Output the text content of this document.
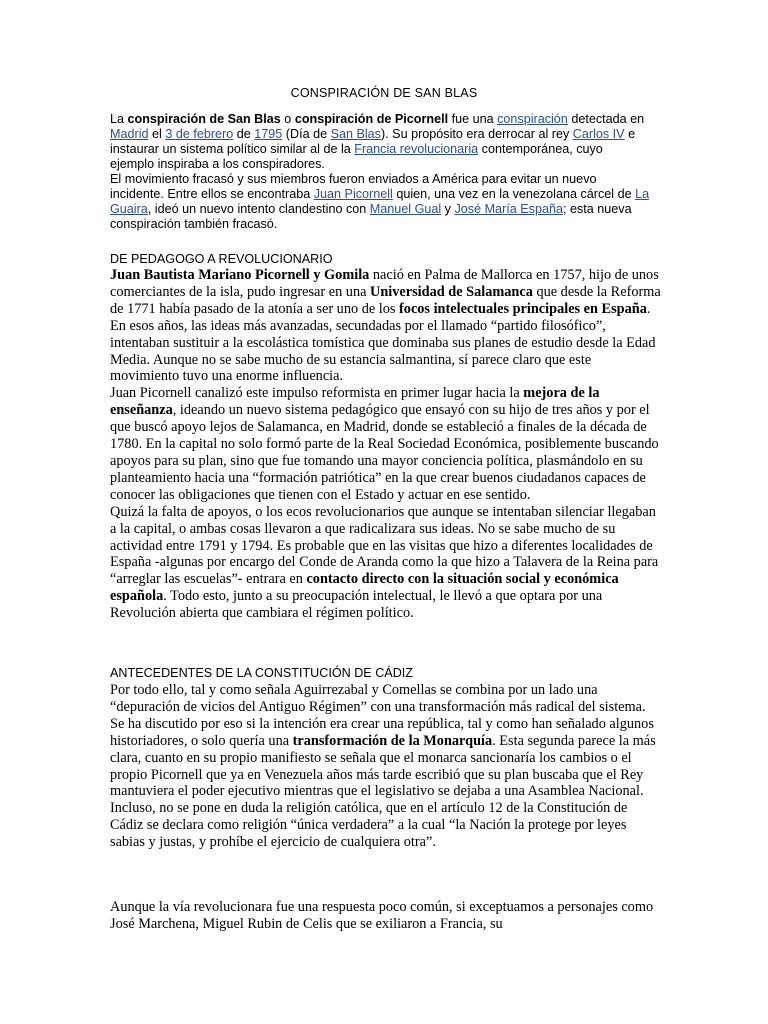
CONSPIRACIÓN DE SAN BLAS

La conspiración de San Blas o conspiración de Picornell fue una conspiración detectada en Madrid el 3 de febrero de 1795 (Día de San Blas). Su propósito era derrocar al rey Carlos IV e instaurar un sistema político similar al de la Francia revolucionaria contemporánea, cuyo ejemplo inspiraba a los conspiradores.

El movimiento fracasó y sus miembros fueron enviados a América para evitar un nuevo incidente. Entre ellos se encontraba Juan Picornell quien, una vez en la venezolana cárcel de La Guaira, ideó un nuevo intento clandestino con Manuel Gual y José María España; esta nueva conspiración también fracasó.

DE PEDAGOGO A REVOLUCIONARIO

Juan Bautista Mariano Picornell y Gomila nació en Palma de Mallorca en 1757, hijo de unos comerciantes de la isla, pudo ingresar en una Universidad de Salamanca que desde la Reforma de 1771 había pasado de la atonía a ser uno de los focos intelectuales principales en España. En esos años, las ideas más avanzadas, secundadas por el llamado “partido filosófico”, intentaban sustituir a la escolástica tomística que dominaba sus planes de estudio desde la Edad Media. Aunque no se sabe mucho de su estancia salmantina, sí parece claro que este movimiento tuvo una enorme influencia.

Juan Picornell canalizó este impulso reformista en primer lugar hacia la mejora de la enseñanza, ideando un nuevo sistema pedagógico que ensayó con su hijo de tres años y por el que buscó apoyo lejos de Salamanca, en Madrid, donde se estableció a finales de la década de 1780. En la capital no solo formó parte de la Real Sociedad Económica, posiblemente buscando apoyos para su plan, sino que fue tomando una mayor conciencia política, plasmándolo en su planteamiento hacia una “formación patriótica” en la que crear buenos ciudadanos capaces de conocer las obligaciones que tienen con el Estado y actuar en ese sentido.

Quizá la falta de apoyos, o los ecos revolucionarios que aunque se intentaban silenciar llegaban a la capital, o ambas cosas llevaron a que radicalizara sus ideas. No se sabe mucho de su actividad entre 1791 y 1794. Es probable que en las visitas que hizo a diferentes localidades de España -algunas por encargo del Conde de Aranda como la que hizo a Talavera de la Reina para “arreglar las escuelas”- entrara en contacto directo con la situación social y económica española. Todo esto, junto a su preocupación intelectual, le llevó a que optara por una Revolución abierta que cambiara el régimen político.

ANTECEDENTES DE LA CONSTITUCIÓN DE CÁDIZ

Por todo ello, tal y como señala Aguirrezabal y Comellas se combina por un lado una “depuración de vicios del Antiguo Régimen” con una transformación más radical del sistema. Se ha discutido por eso si la intención era crear una república, tal y como han señalado algunos historiadores, o solo quería una transformación de la Monarquía. Esta segunda parece la más clara, cuanto en su propio manifiesto se señala que el monarca sancionaría los cambios o el propio Picornell que ya en Venezuela años más tarde escribió que su plan buscaba que el Rey mantuviera el poder ejecutivo mientras que el legislativo se dejaba a una Asamblea Nacional.

Incluso, no se pone en duda la religión católica, que en el artículo 12 de la Constitución de Cádiz se declara como religión “única verdadera” a la cual “la Nación la protege por leyes sabias y justas, y prohíbe el ejercicio de cualquiera otra”.

Aunque la vía revolucionara fue una respuesta poco común, si exceptuamos a personajes como José Marchena, Miguel Rubin de Celis que se exiliaron a Francia, su
